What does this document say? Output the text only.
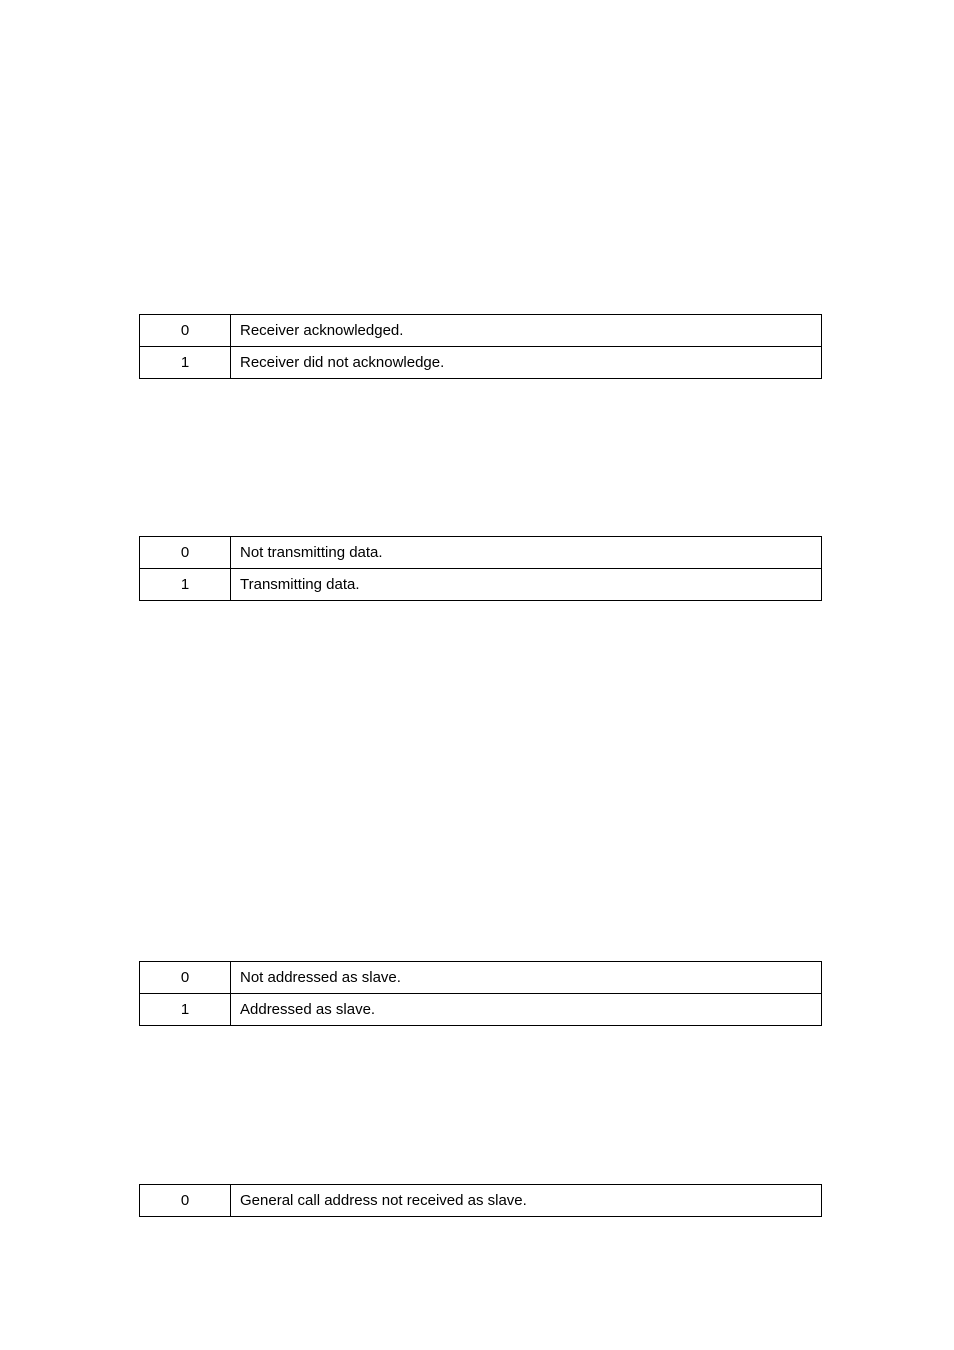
0	Receiver acknowledged.
1	Receiver did not acknowledge.
0	Not transmitting data.
1	Transmitting data.
0	Not addressed as slave.
1	Addressed as slave.
0	General call address not received as slave.
